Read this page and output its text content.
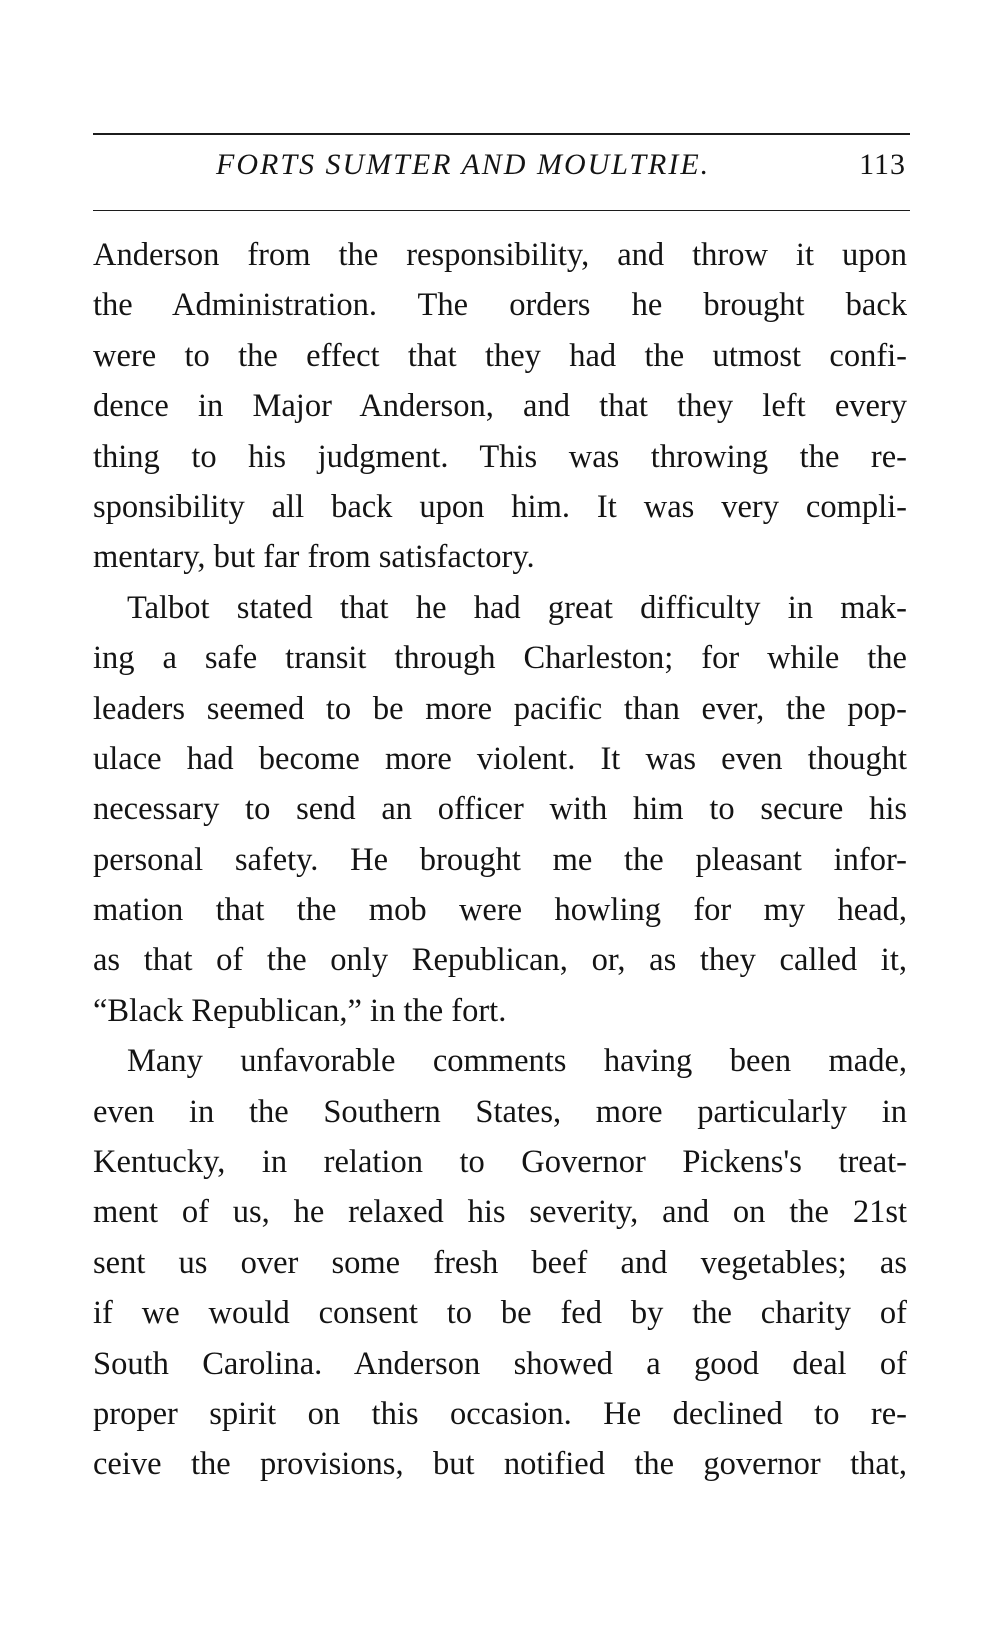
FORTS SUMTER AND MOULTRIE.	113
Anderson from the responsibility, and throw it upon
the Administration. The orders he brought back
were to the effect that they had the utmost confi-
dence in Major Anderson, and that they left every
thing to his judgment. This was throwing the re-
sponsibility all back upon him. It was very compli-
mentary, but far from satisfactory.
Talbot stated that he had great difficulty in mak-
ing a safe transit through Charleston; for while the
leaders seemed to be more pacific than ever, the pop-
ulace had become more violent. It was even thought
necessary to send an officer with him to secure his
personal safety. He brought me the pleasant infor-
mation that the mob were howling for my head,
as that of the only Republican, or, as they called it,
“Black Republican,” in the fort.
Many unfavorable comments having been made,
even in the Southern States, more particularly in
Kentucky, in relation to Governor Pickens's treat-
ment of us, he relaxed his severity, and on the 21st
sent us over some fresh beef and vegetables; as
if we would consent to be fed by the charity of
South Carolina. Anderson showed a good deal of
proper spirit on this occasion. He declined to re-
ceive the provisions, but notified the governor that,
